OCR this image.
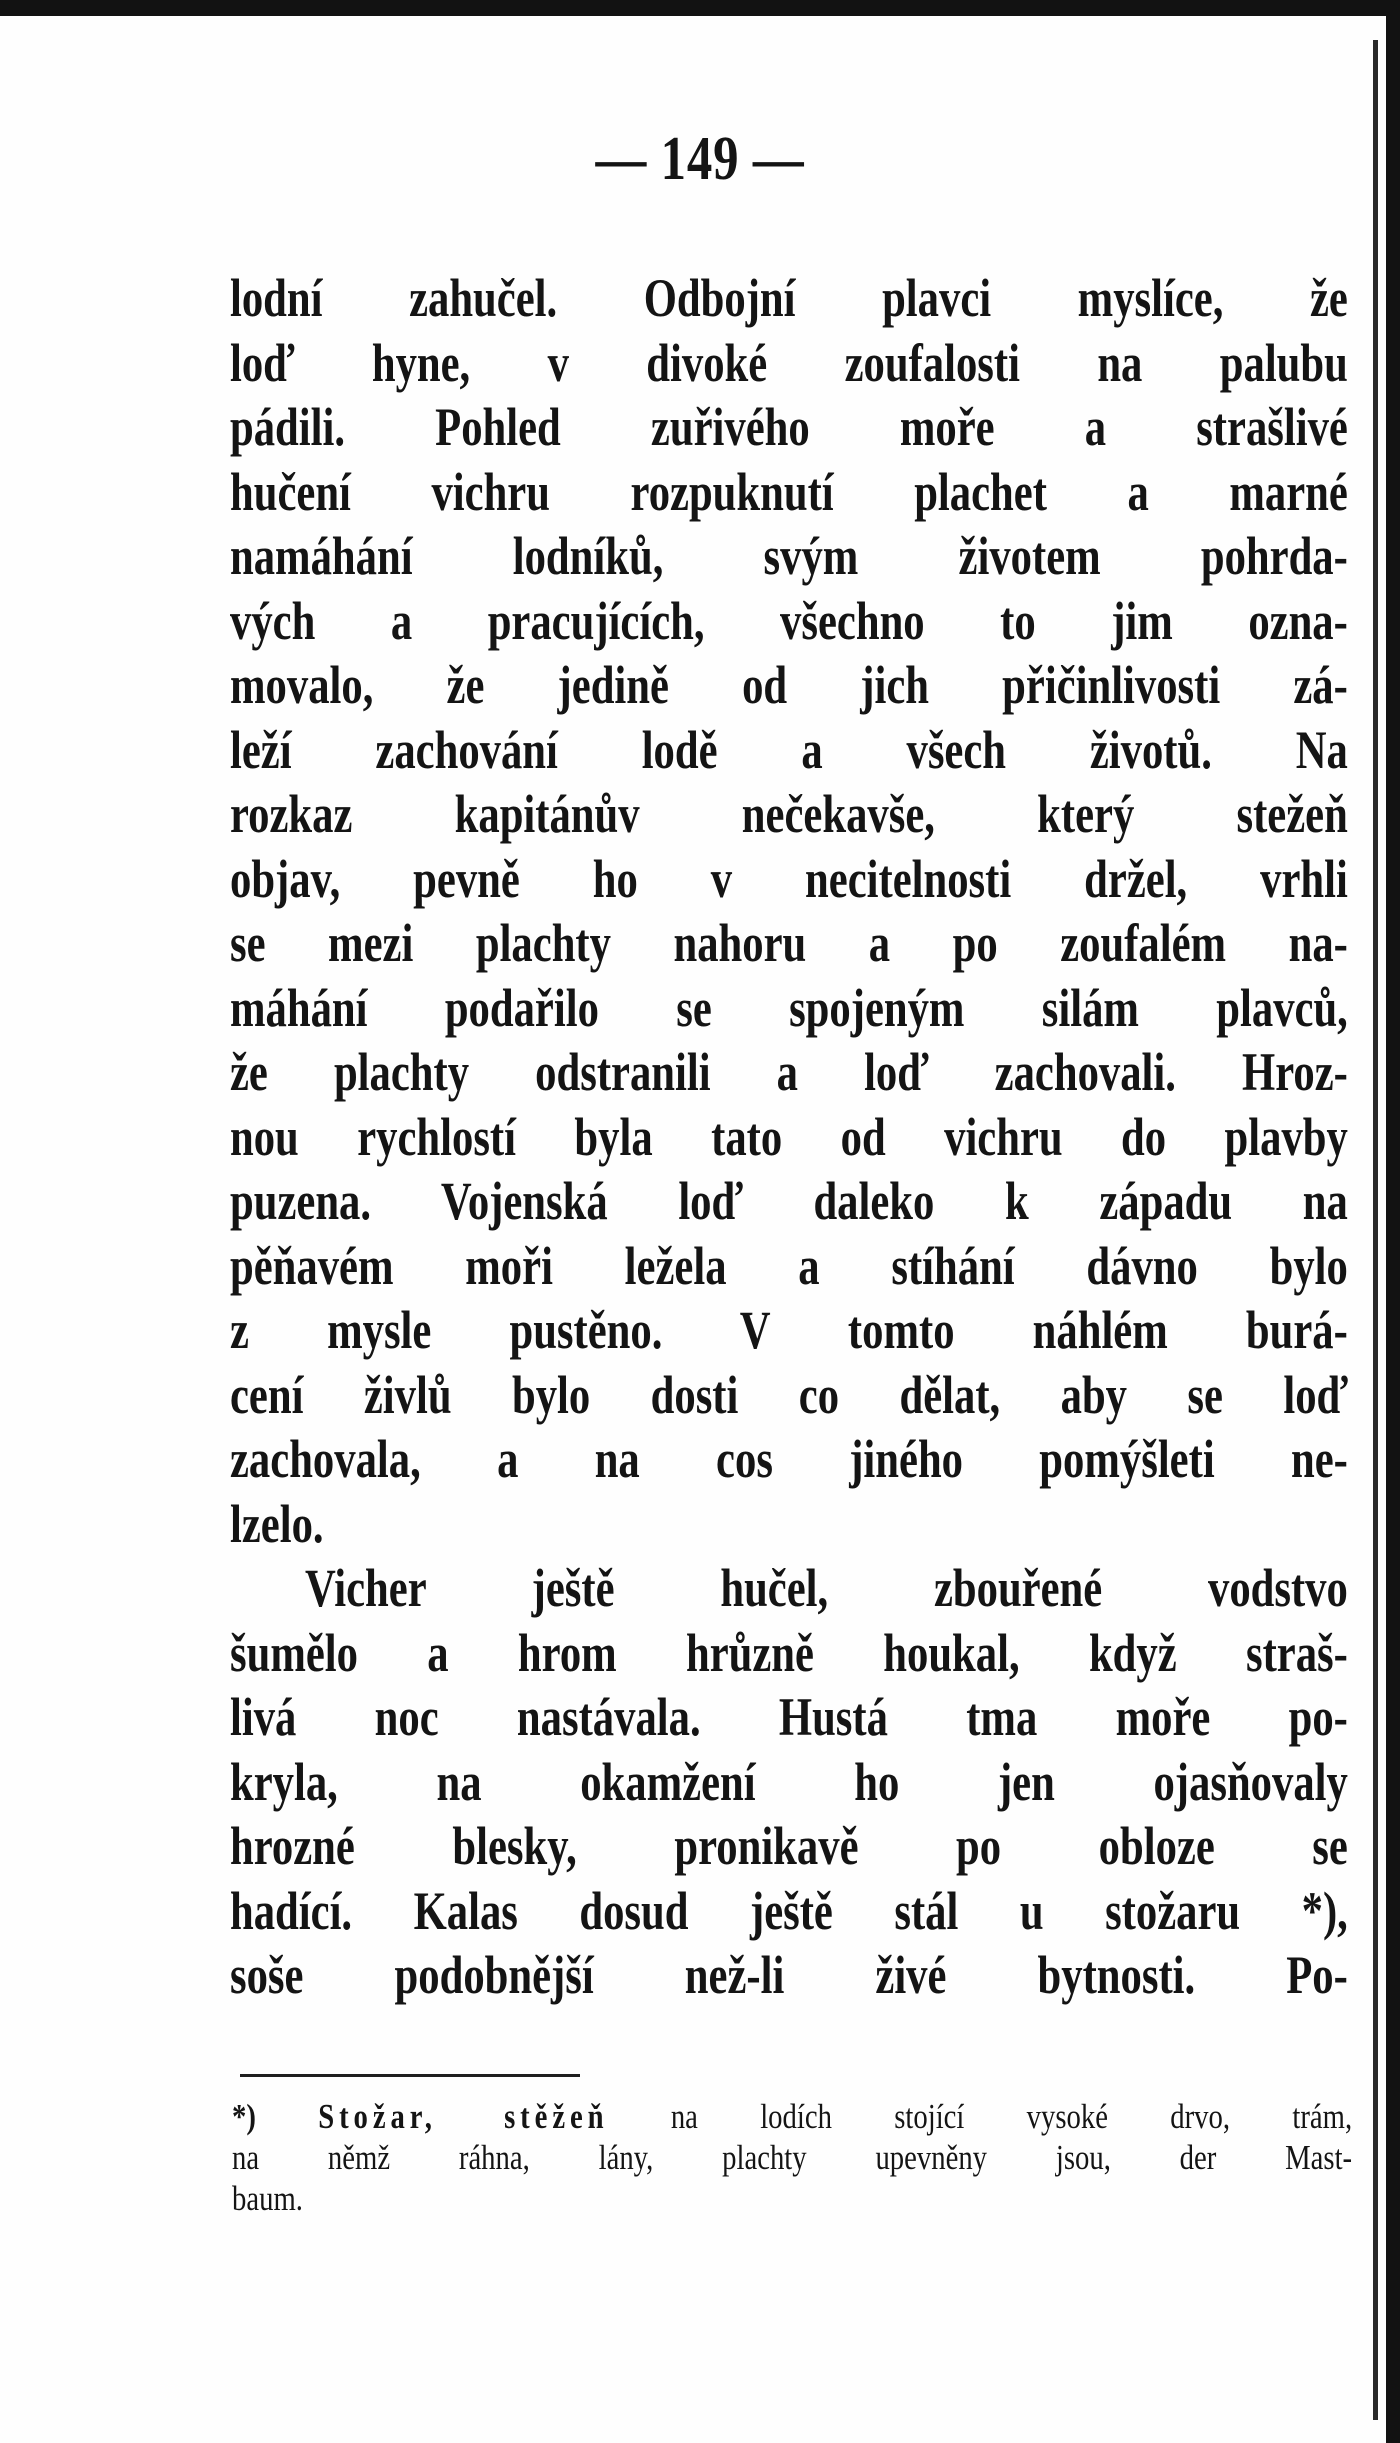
— 149 —
lodní zahučel. Odbojní plavci myslíce, že
loď hyne, v divoké zoufalosti na palubu
pádili. Pohled zuřivého moře a strašlivé
hučení vichru rozpuknutí plachet a marné
namáhání lodníků, svým životem pohrda-
vých a pracujících, všechno to jim ozna-
movalo, že jedině od jich přičinlivosti zá-
leží zachování lodě a všech životů. Na
rozkaz kapitánův nečekavše, který stežeň
objav, pevně ho v necitelnosti držel, vrhli
se mezi plachty nahoru a po zoufalém na-
máhání podařilo se spojeným silám plavců,
že plachty odstranili a loď zachovali. Hroz-
nou rychlostí byla tato od vichru do plavby
puzena. Vojenská loď daleko k západu na
pěňavém moři ležela a stíhání dávno bylo
z mysle pustěno. V tomto náhlém burá-
cení živlů bylo dosti co dělat, aby se loď
zachovala, a na cos jiného pomýšleti ne-
lzelo.
Vicher ještě hučel, zbouřené vodstvo
šumělo a hrom hrůzně houkal, když straš-
livá noc nastávala. Hustá tma moře po-
kryla, na okamžení ho jen ojasňovaly
hrozné blesky, pronikavě po obloze se
hadící. Kalas dosud ještě stál u stožaru *),
soše podobnější než-li živé bytnosti. Po-
*) Stožar, stěžeň na lodích stojící vysoké drvo, trám,
na němž ráhna, lány, plachty upevněny jsou, der Mast-
baum.
